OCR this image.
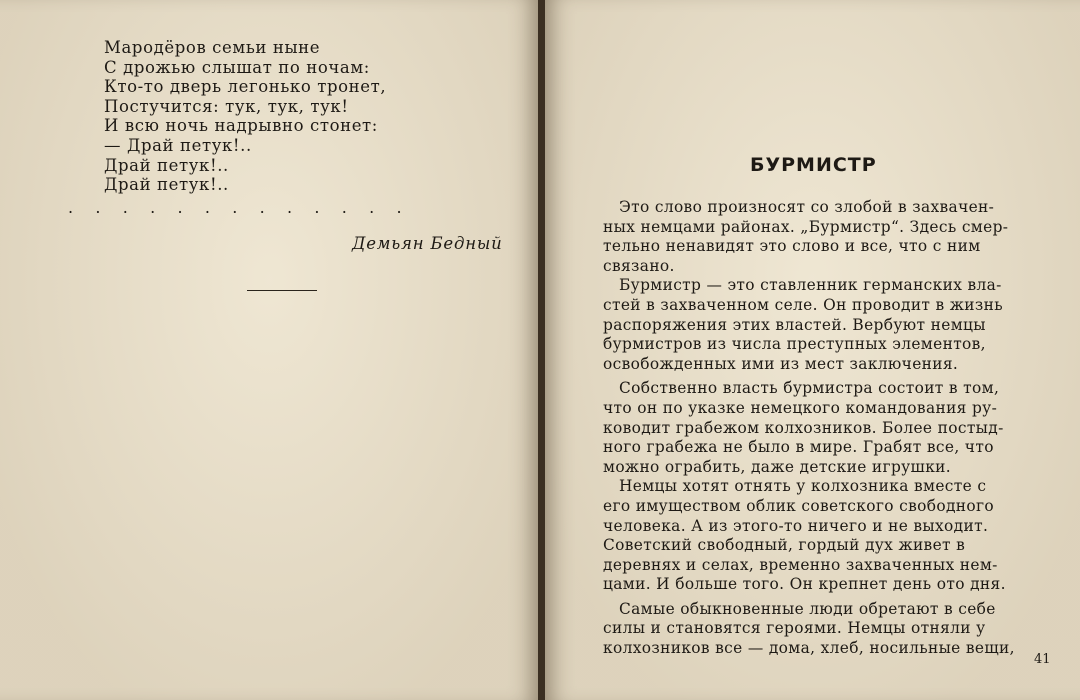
Мародёров семьи ныне
С дрожью слышат по ночам:
Кто-то дверь легонько тронет,
Постучится: тук, тук, тук!
И всю ночь надрывно стонет:
— Драй петук!..
Драй петук!..
Драй петук!..
. . . . . . . . . . . . .
Демьян Бедный
БУРМИСТР
Это слово произносят со злобой в захвачен-
ных немцами районах. „Бурмистр“. Здесь смер-
тельно ненавидят это слово и все, что с ним
связано.
Бурмистр — это ставленник германских вла-
стей в захваченном селе. Он проводит в жизнь
распоряжения этих властей. Вербуют немцы
бурмистров из числа преступных элементов,
освобожденных ими из мест заключения.
Собственно власть бурмистра состоит в том,
что он по указке немецкого командования ру-
ководит грабежом колхозников. Более постыд-
ного грабежа не было в мире. Грабят все, что
можно ограбить, даже детские игрушки.
Немцы хотят отнять у колхозника вместе с
его имуществом облик советского свободного
человека. А из этого-то ничего и не выходит.
Советский свободный, гордый дух живет в
деревнях и селах, временно захваченных нем-
цами. И больше того. Он крепнет день ото дня.
Самые обыкновенные люди обретают в себе
силы и становятся героями. Немцы отняли у
колхозников все — дома, хлеб, носильные вещи,
41
